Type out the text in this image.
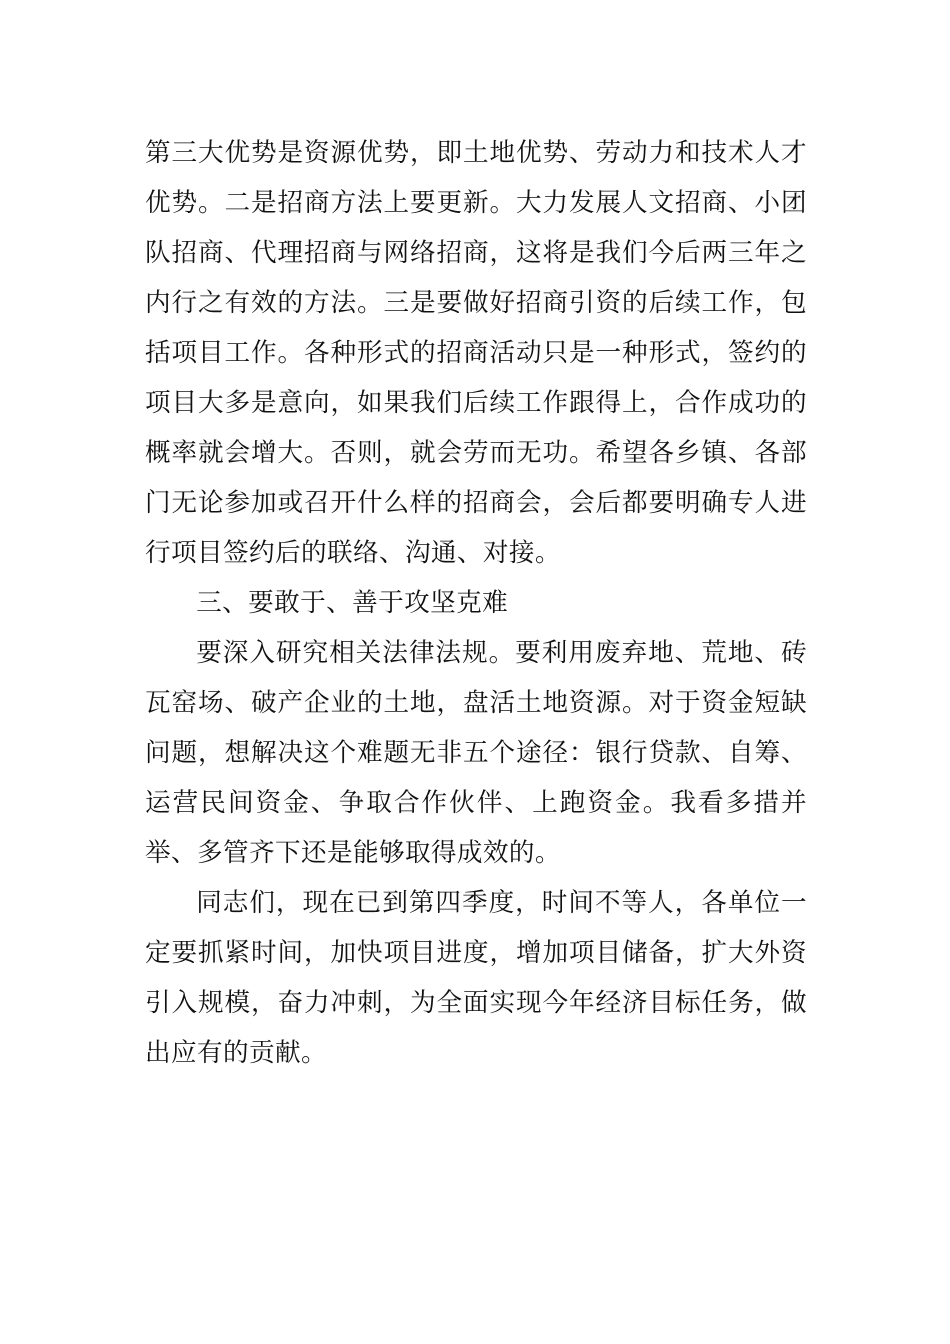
第三大优势是资源优势，即土地优势、劳动力和技术人才优势。二是招商方法上要更新。大力发展人文招商、小团队招商、代理招商与网络招商，这将是我们今后两三年之内行之有效的方法。三是要做好招商引资的后续工作，包括项目工作。各种形式的招商活动只是一种形式，签约的项目大多是意向，如果我们后续工作跟得上，合作成功的概率就会增大。否则，就会劳而无功。希望各乡镇、各部门无论参加或召开什么样的招商会，会后都要明确专人进行项目签约后的联络、沟通、对接。

三、要敢于、善于攻坚克难

要深入研究相关法律法规。要利用废弃地、荒地、砖瓦窑场、破产企业的土地，盘活土地资源。对于资金短缺问题，想解决这个难题无非五个途径：银行贷款、自筹、运营民间资金、争取合作伙伴、上跑资金。我看多措并举、多管齐下还是能够取得成效的。

同志们，现在已到第四季度，时间不等人，各单位一定要抓紧时间，加快项目进度，增加项目储备，扩大外资引入规模，奋力冲刺，为全面实现今年经济目标任务，做出应有的贡献。
